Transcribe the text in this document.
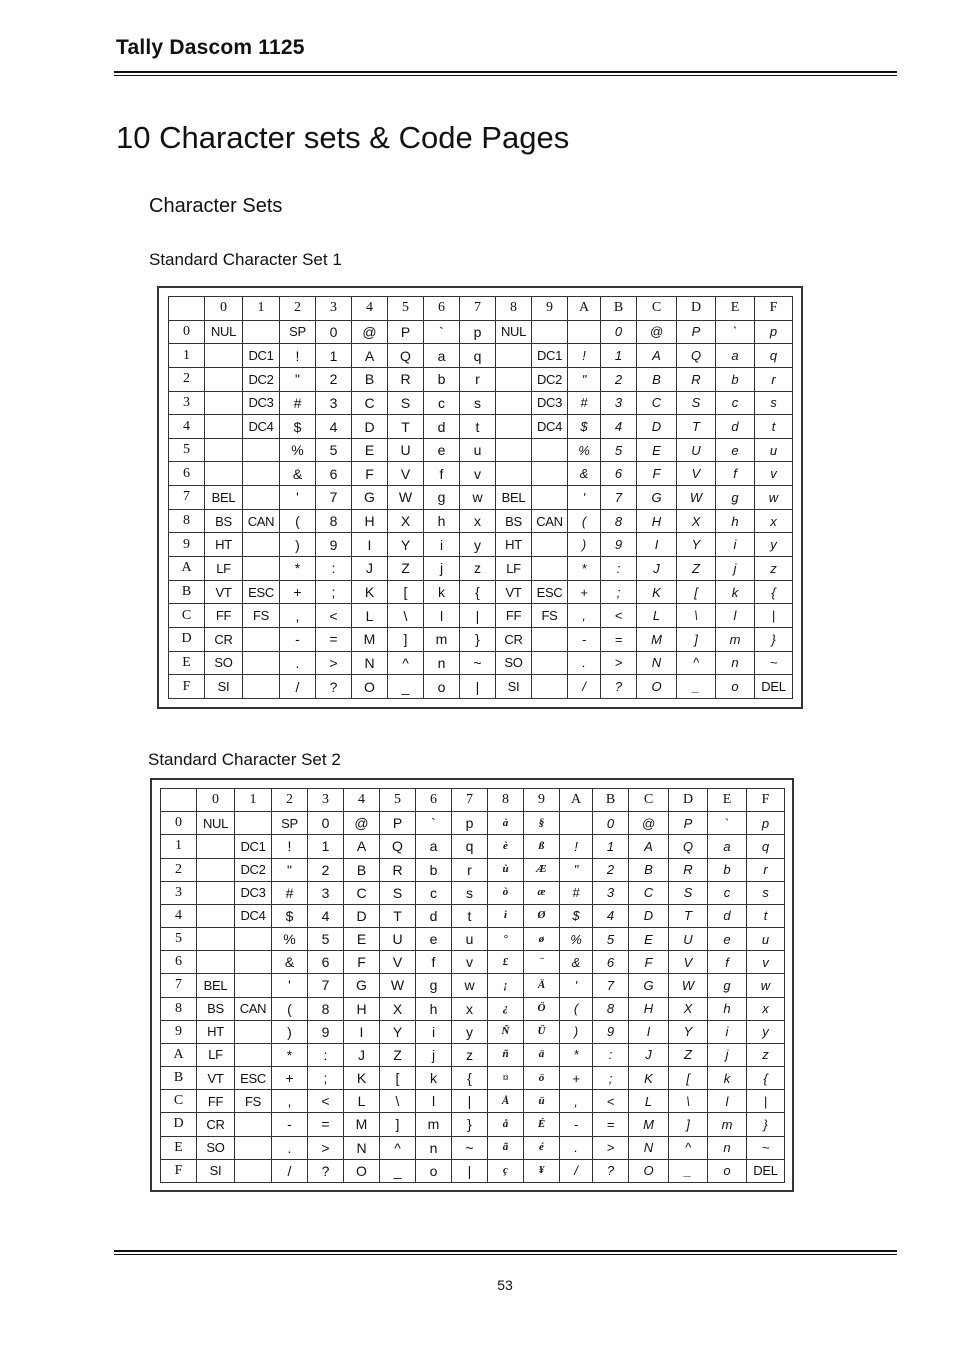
Tally Dascom 1125
10 Character sets & Code Pages
Character Sets
Standard Character Set 1
	0	1	2	3	4	5	6	7	8	9	A	B	C	D	E	F
0	NUL		SP	0	@	P	`	p	NUL			0	@	P	`	p
1		DC1	!	1	A	Q	a	q		DC1	!	1	A	Q	a	q
2		DC2	"	2	B	R	b	r		DC2	"	2	B	R	b	r
3		DC3	#	3	C	S	c	s		DC3	#	3	C	S	c	s
4		DC4	$	4	D	T	d	t		DC4	$	4	D	T	d	t
5			%	5	E	U	e	u			%	5	E	U	e	u
6			&	6	F	V	f	v			&	6	F	V	f	v
7	BEL		'	7	G	W	g	w	BEL		'	7	G	W	g	w
8	BS	CAN	(	8	H	X	h	x	BS	CAN	(	8	H	X	h	x
9	HT		)	9	I	Y	i	y	HT		)	9	I	Y	i	y
A	LF		*	:	J	Z	j	z	LF		*	:	J	Z	j	z
B	VT	ESC	+	;	K	[	k	{	VT	ESC	+	;	K	[	k	{
C	FF	FS	,	<	L	\	l	|	FF	FS	,	<	L	\	l	|
D	CR		-	=	M	]	m	}	CR		-	=	M	]	m	}
E	SO		.	>	N	^	n	~	SO		.	>	N	^	n	~
F	SI		/	?	O	_	o	|	SI		/	?	O	_	o	DEL
Standard Character Set 2
	0	1	2	3	4	5	6	7	8	9	A	B	C	D	E	F
0	NUL		SP	0	@	P	`	p	à	§		0	@	P	`	p
1		DC1	!	1	A	Q	a	q	è	ß	!	1	A	Q	a	q
2		DC2	"	2	B	R	b	r	ù	Æ	"	2	B	R	b	r
3		DC3	#	3	C	S	c	s	ò	æ	#	3	C	S	c	s
4		DC4	$	4	D	T	d	t	ì	Ø	$	4	D	T	d	t
5			%	5	E	U	e	u	°	ø	%	5	E	U	e	u
6			&	6	F	V	f	v	£	¨	&	6	F	V	f	v
7	BEL		'	7	G	W	g	w	¡	Ä	'	7	G	W	g	w
8	BS	CAN	(	8	H	X	h	x	¿	Ö	(	8	H	X	h	x
9	HT		)	9	I	Y	i	y	Ñ	Ü	)	9	I	Y	i	y
A	LF		*	:	J	Z	j	z	ñ	ä	*	:	J	Z	j	z
B	VT	ESC	+	;	K	[	k	{	¤	ö	+	;	K	[	k	{
C	FF	FS	,	<	L	\	l	|	Å	ü	,	<	L	\	l	|
D	CR		-	=	M	]	m	}	å	É	-	=	M	]	m	}
E	SO		.	>	N	^	n	~	ã	é	.	>	N	^	n	~
F	SI		/	?	O	_	o	|	ç	¥	/	?	O	_	o	DEL
53
